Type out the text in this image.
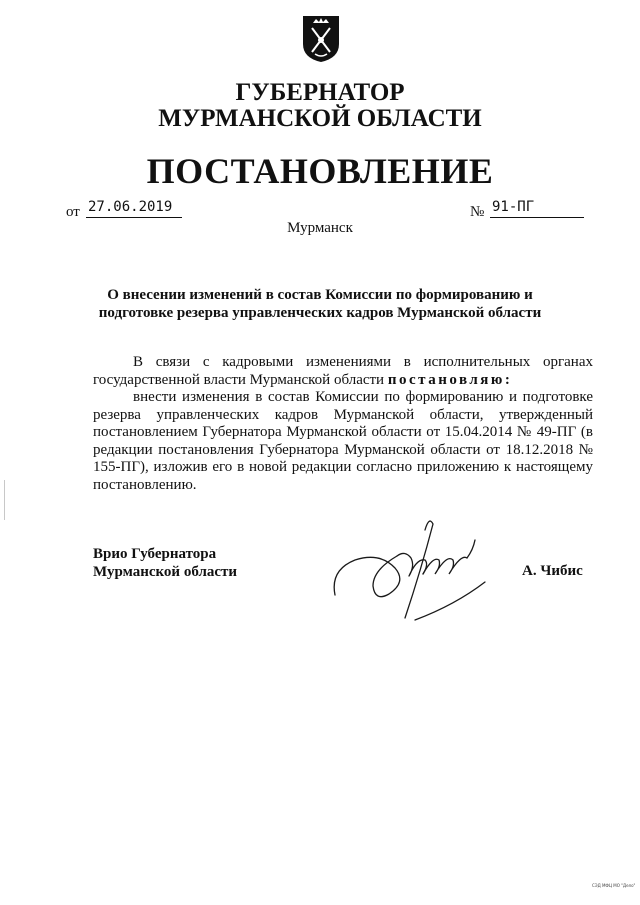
ГУБЕРНАТОР
МУРМАНСКОЙ ОБЛАСТИ
ПОСТАНОВЛЕНИЕ
от 27.06.2019	№ 91-ПГ
Мурманск
О внесении изменений в состав Комиссии по формированию и
подготовке резерва управленческих кадров Мурманской области
В связи с кадровыми изменениями в исполнительных органах государственной власти Мурманской области постановляю:
внести изменения в состав Комиссии по формированию и подготовке резерва управленческих кадров Мурманской области, утвержденный постановлением Губернатора Мурманской области от 15.04.2014 № 49-ПГ (в редакции постановления Губернатора Мурманской области от 18.12.2018 № 155-ПГ), изложив его в новой редакции согласно приложению к настоящему постановлению.
Врио Губернатора
Мурманской области	А. Чибис
СЭД МФЦ МО "Дело"
